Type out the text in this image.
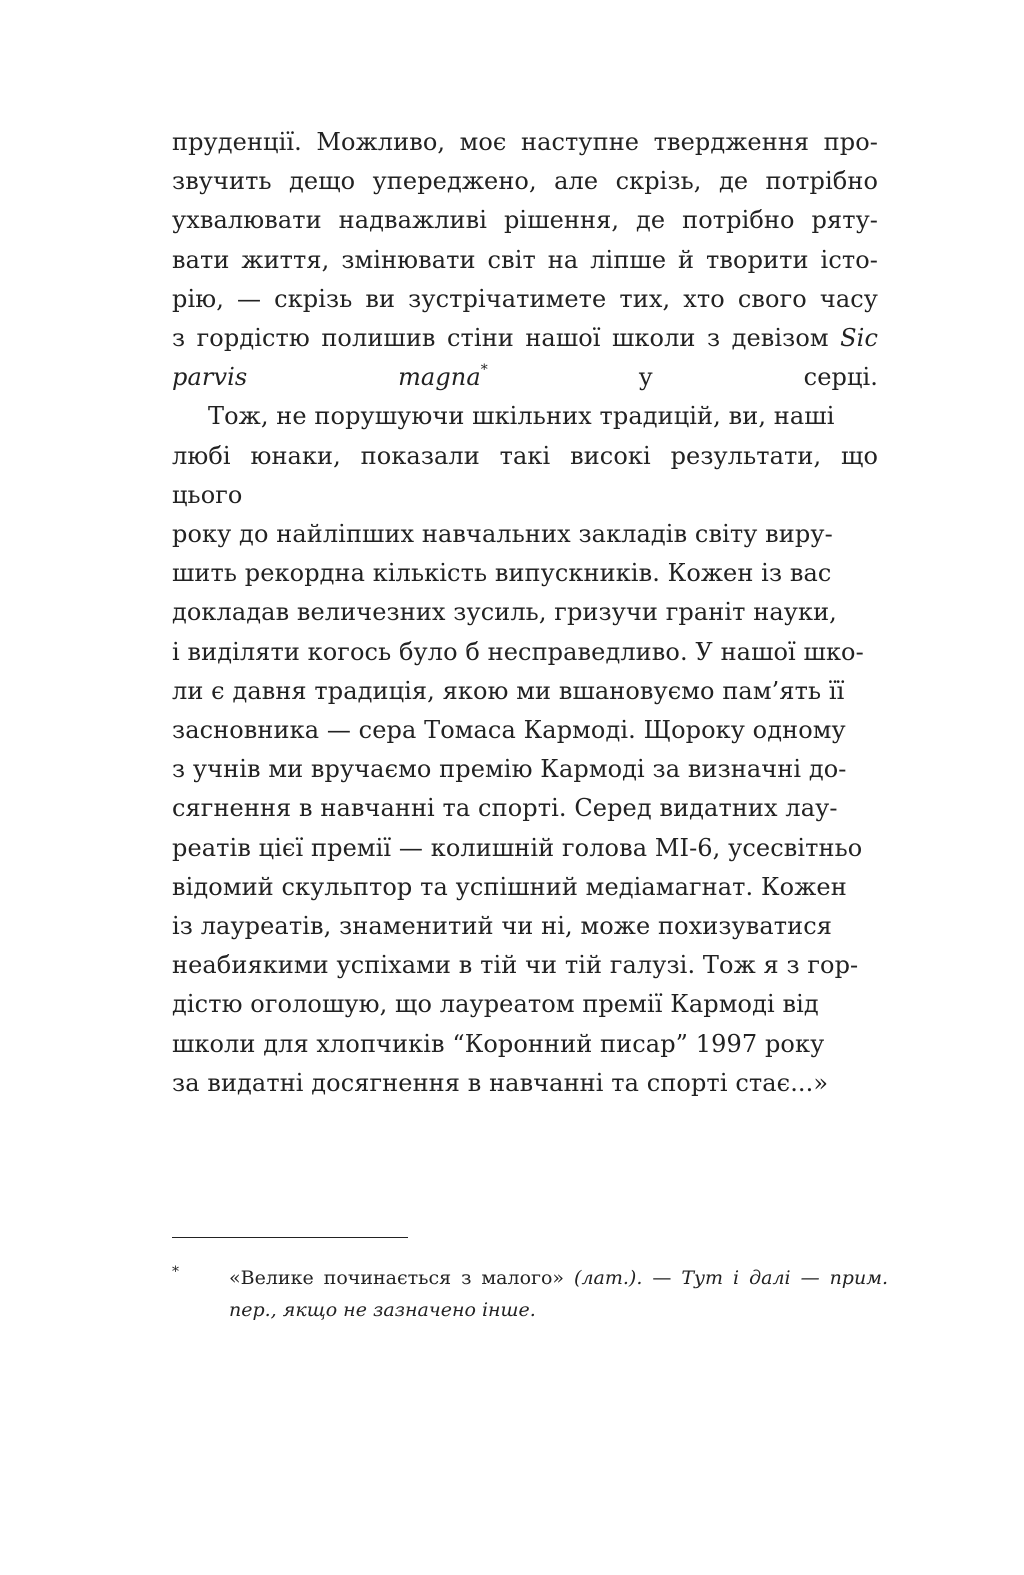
пруденції. Можливо, моє наступне твердження про-
звучить дещо упереджено, але скрізь, де потрібно
ухвалювати надважливі рішення, де потрібно ряту-
вати життя, змінювати світ на ліпше й творити істо-
рію, — скрізь ви зустрічатимете тих, хто свого часу
з гордістю полишив стіни нашої школи з девізом Sic
parvis magna*	у серці.

Тож, не порушуючи шкільних традицій, ви, наші
любі юнаки, показали такі високі результати, що цього
року до найліпших навчальних закладів світу виру-
шить рекордна кількість випускників. Кожен із вас
докладав величезних зусиль, гризучи граніт науки,
і виділяти когось було б несправедливо. У нашої шко-
ли є давня традиція, якою ми вшановуємо пам’ять її
засновника — сера Томаса Кармоді. Щороку одному
з учнів ми вручаємо премію Кармоді за визначні до-
сягнення в навчанні та спорті. Серед видатних лау-
реатів цієї премії — колишній голова МІ-6, усесвітньо
відомий скульптор та успішний медіамагнат. Кожен
із лауреатів, знаменитий чи ні, може похизуватися
неабиякими успіхами в тій чи тій галузі. Тож я з гор-
дістю оголошую, що лауреатом премії Кармоді від
школи для хлопчиків “Коронний писар” 1997 року
за видатні досягнення в навчанні та спорті стає...»

*	«Велике починається з малого» (лат.). — Тут і далі — прим.
пер., якщо не зазначено інше.
